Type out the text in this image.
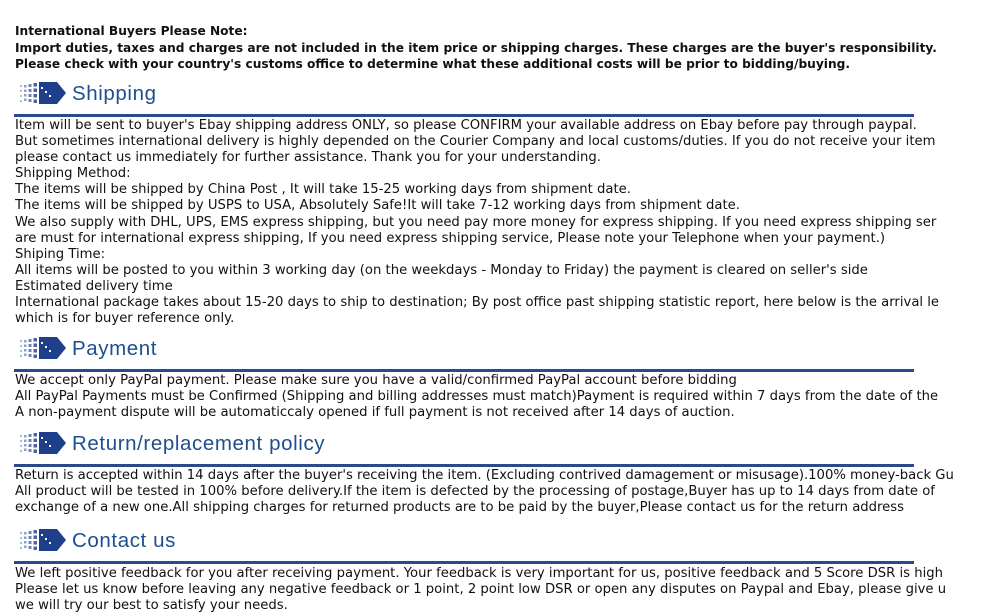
International Buyers Please Note:
Import duties, taxes and charges are not included in the item price or shipping charges. These charges are the buyer's responsibility.
Please check with your country's customs office to determine what these additional costs will be prior to bidding/buying.
Shipping
Item will be sent to buyer's Ebay shipping address ONLY, so please CONFIRM your available address on Ebay before pay through paypal.
But sometimes international delivery is highly depended on the Courier Company and local customs/duties. If you do not receive your item
please contact us immediately for further assistance. Thank you for your understanding.
Shipping Method:
The items will be shipped by China Post , It will take 15-25 working days from shipment date.
The items will be shipped by USPS to USA, Absolutely Safe!It will take 7-12 working days from shipment date.
We also supply with DHL, UPS, EMS express shipping, but you need pay more money for express shipping. If you need express shipping ser
are must for international express shipping, If you need express shipping service, Please note your Telephone when your payment.)
Shiping Time:
All items will be posted to you within 3 working day (on the weekdays - Monday to Friday) the payment is cleared on seller's side
Estimated delivery time
International package takes about 15-20 days to ship to destination; By post office past shipping statistic report, here below is the arrival le
which is for buyer reference only.
Payment
We accept only PayPal payment. Please make sure you have a valid/confirmed PayPal account before bidding
All PayPal Payments must be Confirmed (Shipping and billing addresses must match)Payment is required within 7 days from the date of the
A non-payment dispute will be automaticcaly opened if full payment is not received after 14 days of auction.
Return/replacement policy
Return is accepted within 14 days after the buyer's receiving the item. (Excluding contrived damagement or misusage).100% money-back Gu
All product will be tested in 100% before delivery.If the item is defected by the processing of postage,Buyer has up to 14 days from date of
exchange of a new one.All shipping charges for returned products are to be paid by the buyer,Please contact us for the return address
Contact us
We left positive feedback for you after receiving payment. Your feedback is very important for us, positive feedback and 5 Score DSR is high
Please let us know before leaving any negative feedback or 1 point, 2 point low DSR or open any disputes on Paypal and Ebay, please give u
we will try our best to satisfy your needs.
